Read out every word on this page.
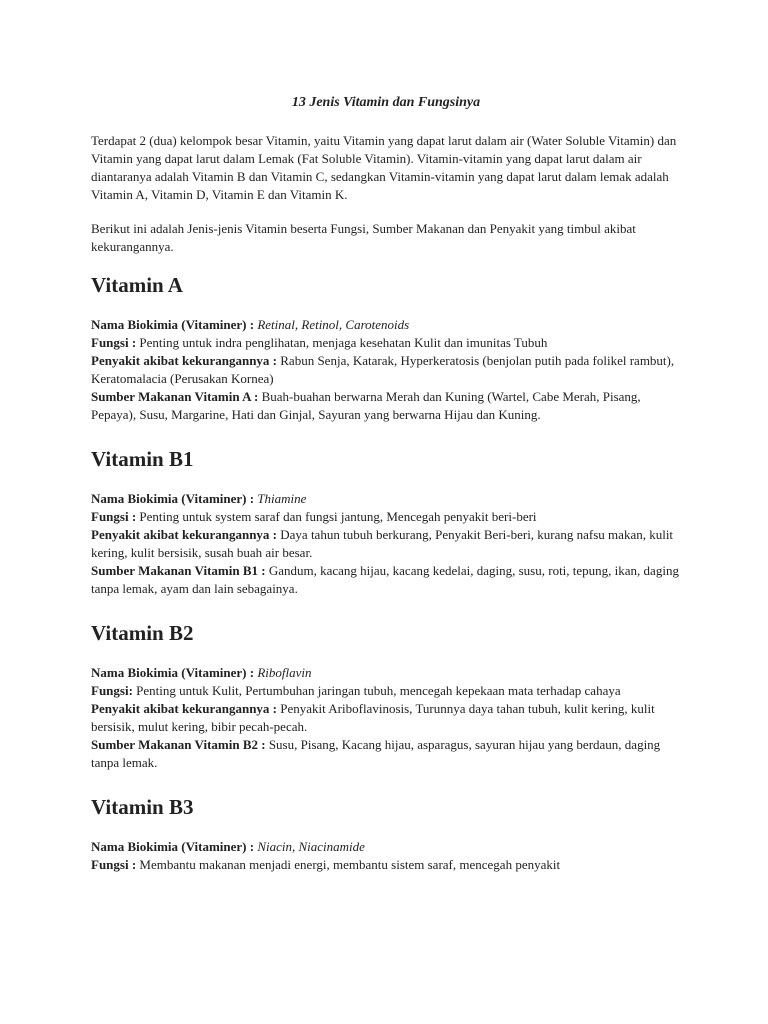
13 Jenis Vitamin dan Fungsinya

Terdapat 2 (dua) kelompok besar Vitamin, yaitu Vitamin yang dapat larut dalam air (Water Soluble Vitamin) dan Vitamin yang dapat larut dalam Lemak (Fat Soluble Vitamin). Vitamin-vitamin yang dapat larut dalam air diantaranya adalah Vitamin B dan Vitamin C, sedangkan Vitamin-vitamin yang dapat larut dalam lemak adalah Vitamin A, Vitamin D, Vitamin E dan Vitamin K.

Berikut ini adalah Jenis-jenis Vitamin beserta Fungsi, Sumber Makanan dan Penyakit yang timbul akibat kekurangannya.

Vitamin A

Nama Biokimia (Vitaminer) : Retinal, Retinol, Carotenoids

Fungsi : Penting untuk indra penglihatan, menjaga kesehatan Kulit dan imunitas Tubuh

Penyakit akibat kekurangannya : Rabun Senja, Katarak, Hyperkeratosis (benjolan putih pada folikel rambut), Keratomalacia (Perusakan Kornea)

Sumber Makanan Vitamin A : Buah-buahan berwarna Merah dan Kuning (Wartel, Cabe Merah, Pisang, Pepaya), Susu, Margarine, Hati dan Ginjal, Sayuran yang berwarna Hijau dan Kuning.

Vitamin B1

Nama Biokimia (Vitaminer) : Thiamine

Fungsi : Penting untuk system saraf dan fungsi jantung, Mencegah penyakit beri-beri

Penyakit akibat kekurangannya : Daya tahun tubuh berkurang, Penyakit Beri-beri, kurang nafsu makan, kulit kering, kulit bersisik, susah buah air besar.

Sumber Makanan Vitamin B1 : Gandum, kacang hijau, kacang kedelai, daging, susu, roti, tepung, ikan, daging tanpa lemak, ayam dan lain sebagainya.

Vitamin B2

Nama Biokimia (Vitaminer) : Riboflavin

Fungsi: Penting untuk Kulit, Pertumbuhan jaringan tubuh, mencegah kepekaan mata terhadap cahaya

Penyakit akibat kekurangannya : Penyakit Ariboflavinosis, Turunnya daya tahan tubuh, kulit kering, kulit bersisik, mulut kering, bibir pecah-pecah.

Sumber Makanan Vitamin B2 : Susu, Pisang, Kacang hijau, asparagus, sayuran hijau yang berdaun, daging tanpa lemak.

Vitamin B3

Nama Biokimia (Vitaminer) : Niacin, Niacinamide

Fungsi : Membantu makanan menjadi energi, membantu sistem saraf, mencegah penyakit
